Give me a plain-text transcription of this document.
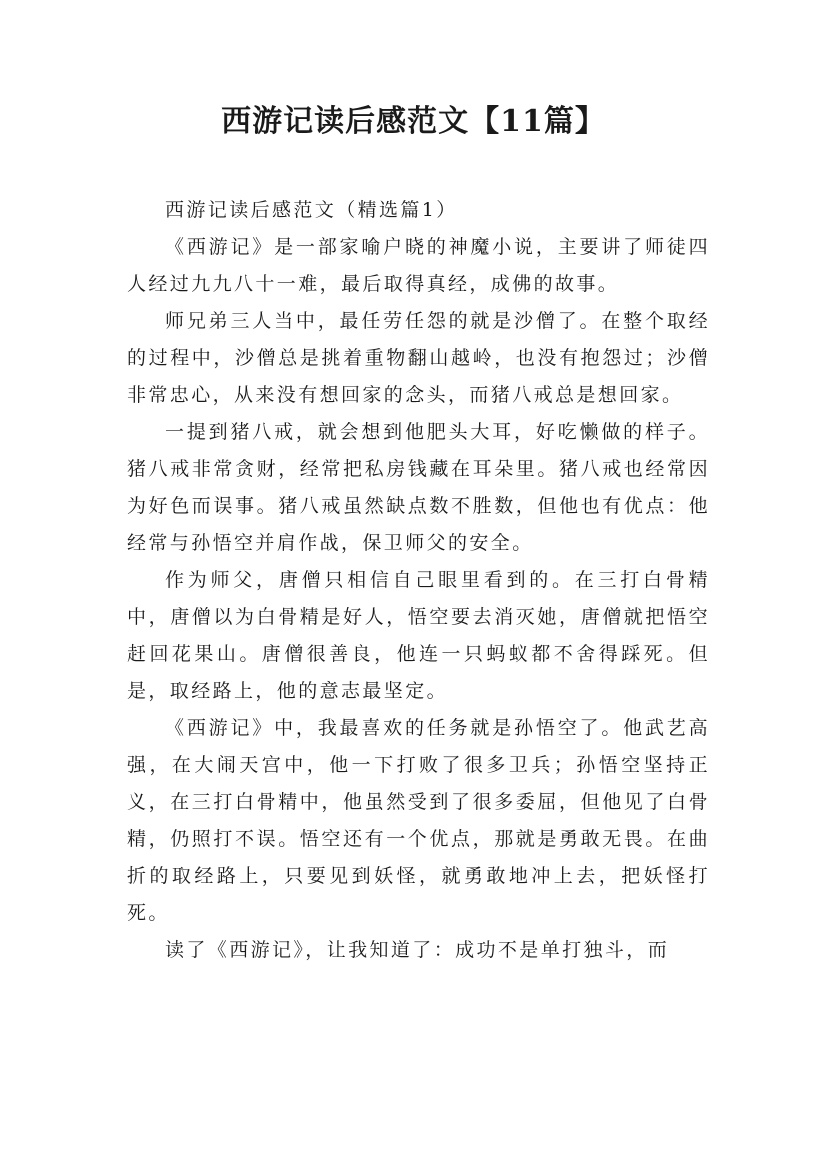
西游记读后感范文【11篇】

西游记读后感范文（精选篇1）

《西游记》是一部家喻户晓的神魔小说，主要讲了师徒四人经过九九八十一难，最后取得真经，成佛的故事。

师兄弟三人当中，最任劳任怨的就是沙僧了。在整个取经的过程中，沙僧总是挑着重物翻山越岭，也没有抱怨过；沙僧非常忠心，从来没有想回家的念头，而猪八戒总是想回家。

一提到猪八戒，就会想到他肥头大耳，好吃懒做的样子。猪八戒非常贪财，经常把私房钱藏在耳朵里。猪八戒也经常因为好色而误事。猪八戒虽然缺点数不胜数，但他也有优点：他经常与孙悟空并肩作战，保卫师父的安全。

作为师父，唐僧只相信自己眼里看到的。在三打白骨精中，唐僧以为白骨精是好人，悟空要去消灭她，唐僧就把悟空赶回花果山。唐僧很善良，他连一只蚂蚁都不舍得踩死。但是，取经路上，他的意志最坚定。

《西游记》中，我最喜欢的任务就是孙悟空了。他武艺高强，在大闹天宫中，他一下打败了很多卫兵；孙悟空坚持正义，在三打白骨精中，他虽然受到了很多委屈，但他见了白骨精，仍照打不误。悟空还有一个优点，那就是勇敢无畏。在曲折的取经路上，只要见到妖怪，就勇敢地冲上去，把妖怪打死。

读了《西游记》，让我知道了：成功不是单打独斗，而
